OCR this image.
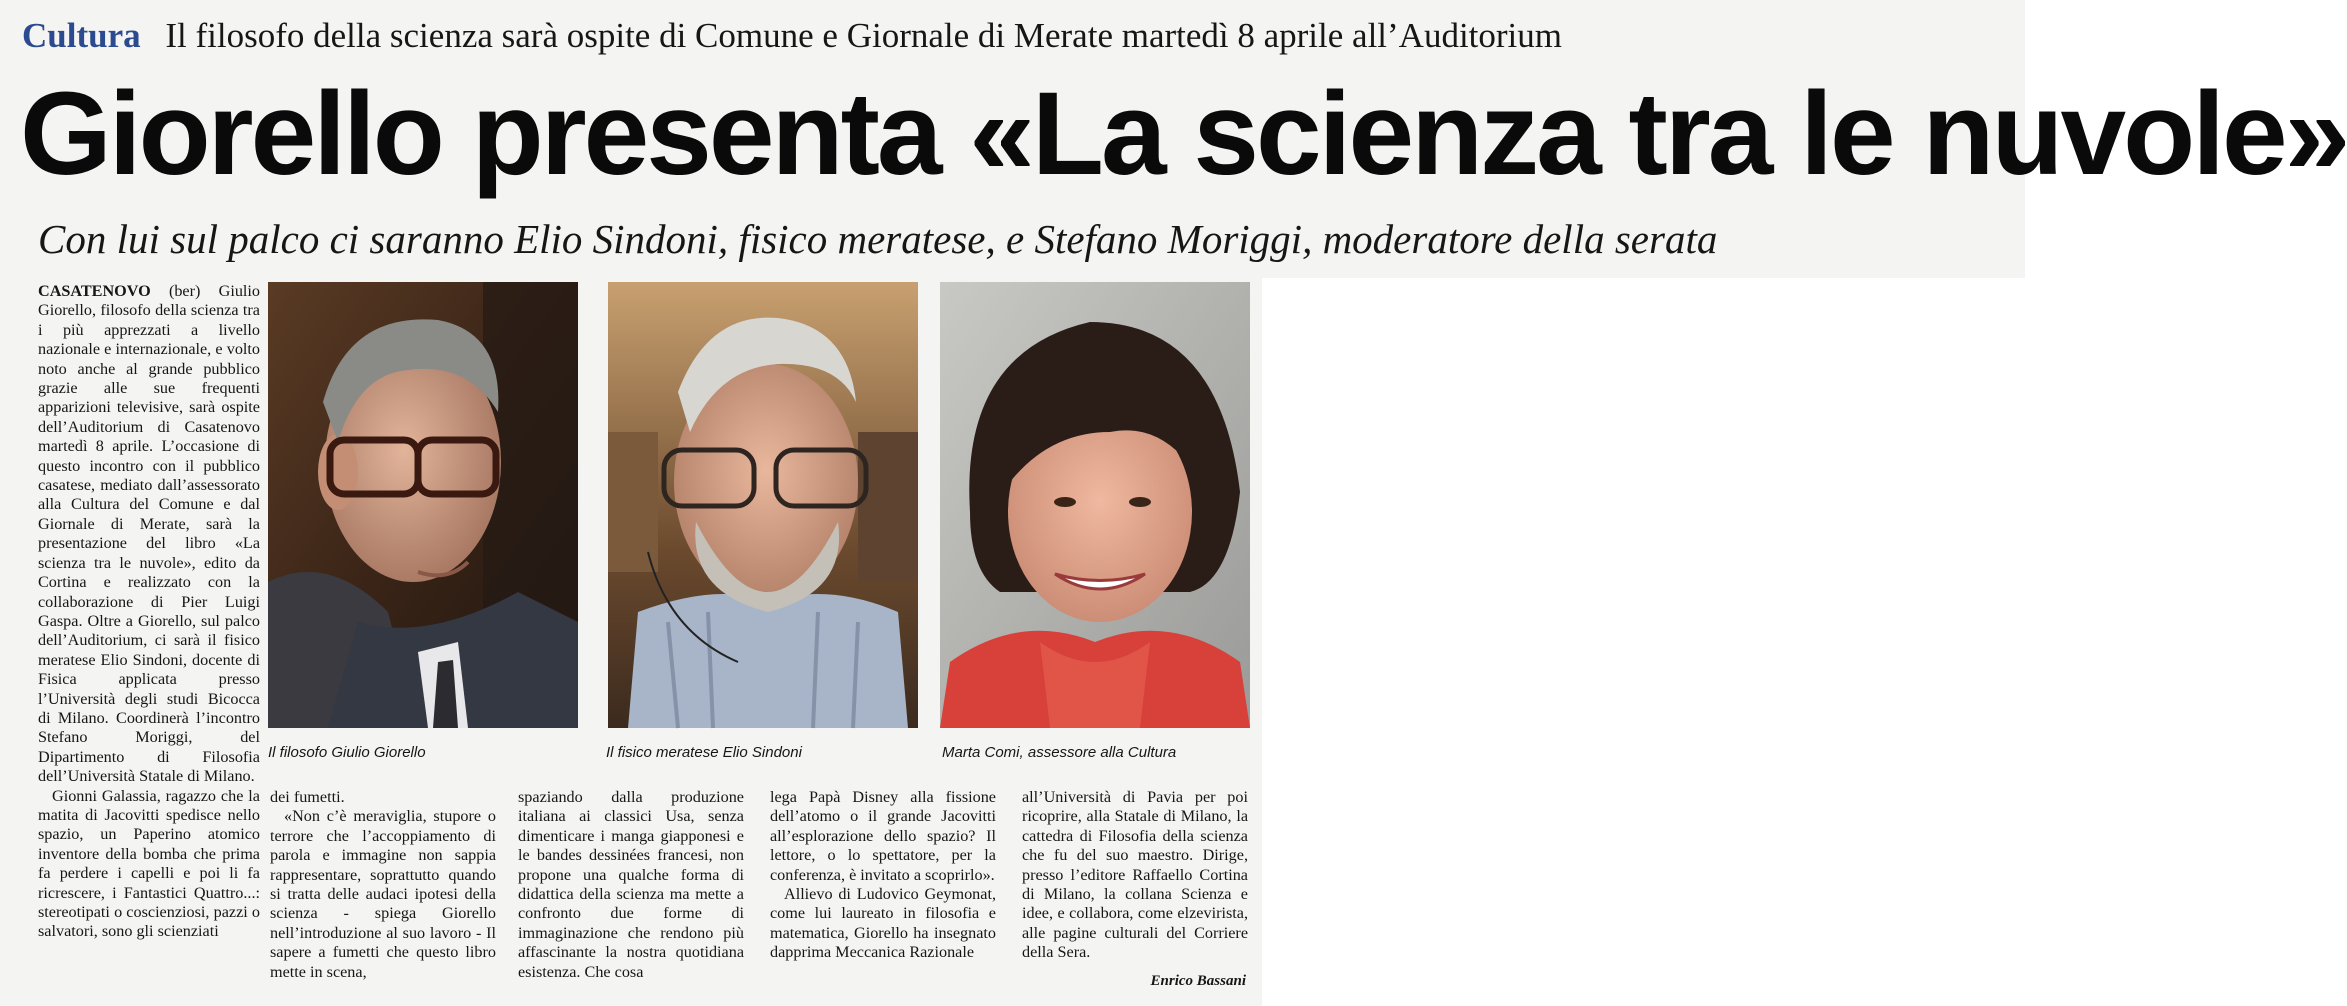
Cultura Il filosofo della scienza sarà ospite di Comune e Giornale di Merate martedì 8 aprile all’Auditorium
Giorello presenta «La scienza tra le nuvole»
Con lui sul palco ci saranno Elio Sindoni, fisico meratese, e Stefano Moriggi, moderatore della serata

CASATENOVO (ber) Giulio Giorello, filosofo della scienza tra i più apprezzati a livello nazionale e internazionale, e volto noto anche al grande pubblico grazie alle sue frequenti apparizioni televisive, sarà ospite dell’Auditorium di Casatenovo martedì 8 aprile. L’occasione di questo incontro con il pubblico casatese, mediato dall’assessorato alla Cultura del Comune e dal Giornale di Merate, sarà la presentazione del libro «La scienza tra le nuvole», edito da Cortina e realizzato con la collaborazione di Pier Luigi Gaspa. Oltre a Giorello, sul palco dell’Auditorium, ci sarà il fisico meratese Elio Sindoni, docente di Fisica applicata presso l’Università degli studi Bicocca di Milano. Coordinerà l’incontro Stefano Moriggi, del Dipartimento di Filosofia dell’Università Statale di Milano.

Gionni Galassia, ragazzo che la matita di Jacovitti spedisce nello spazio, un Paperino atomico inventore della bomba che prima fa perdere i capelli e poi li fa ricrescere, i Fantastici Quattro...: stereotipati o coscienziosi, pazzi o salvatori, sono gli scienziati

Il filosofo Giulio Giorello	Il fisico meratese Elio Sindoni	Marta Comi, assessore alla Cultura

dei fumetti.

«Non c’è meraviglia, stupore o terrore che l’accoppiamento di parola e immagine non sappia rappresentare, soprattutto quando si tratta delle audaci ipotesi della scienza - spiega Giorello nell’introduzione al suo lavoro - Il sapere a fumetti che questo libro mette in scena,

spaziando dalla produzione italiana ai classici Usa, senza dimenticare i manga giapponesi e le bandes dessinées francesi, non propone una qualche forma di didattica della scienza ma mette a confronto due forme di immaginazione che rendono più affascinante la nostra quotidiana esistenza. Che cosa

lega Papà Disney alla fissione dell’atomo o il grande Jacovitti all’esplorazione dello spazio? Il lettore, o lo spettatore, per la conferenza, è invitato a scoprirlo».

Allievo di Ludovico Geymonat, come lui laureato in filosofia e matematica, Giorello ha insegnato dapprima Meccanica Razionale

all’Università di Pavia per poi ricoprire, alla Statale di Milano, la cattedra di Filosofia della scienza che fu del suo maestro. Dirige, presso l’editore Raffaello Cortina di Milano, la collana Scienza e idee, e collabora, come elzevirista, alle pagine culturali del Corriere della Sera.

Enrico Bassani
